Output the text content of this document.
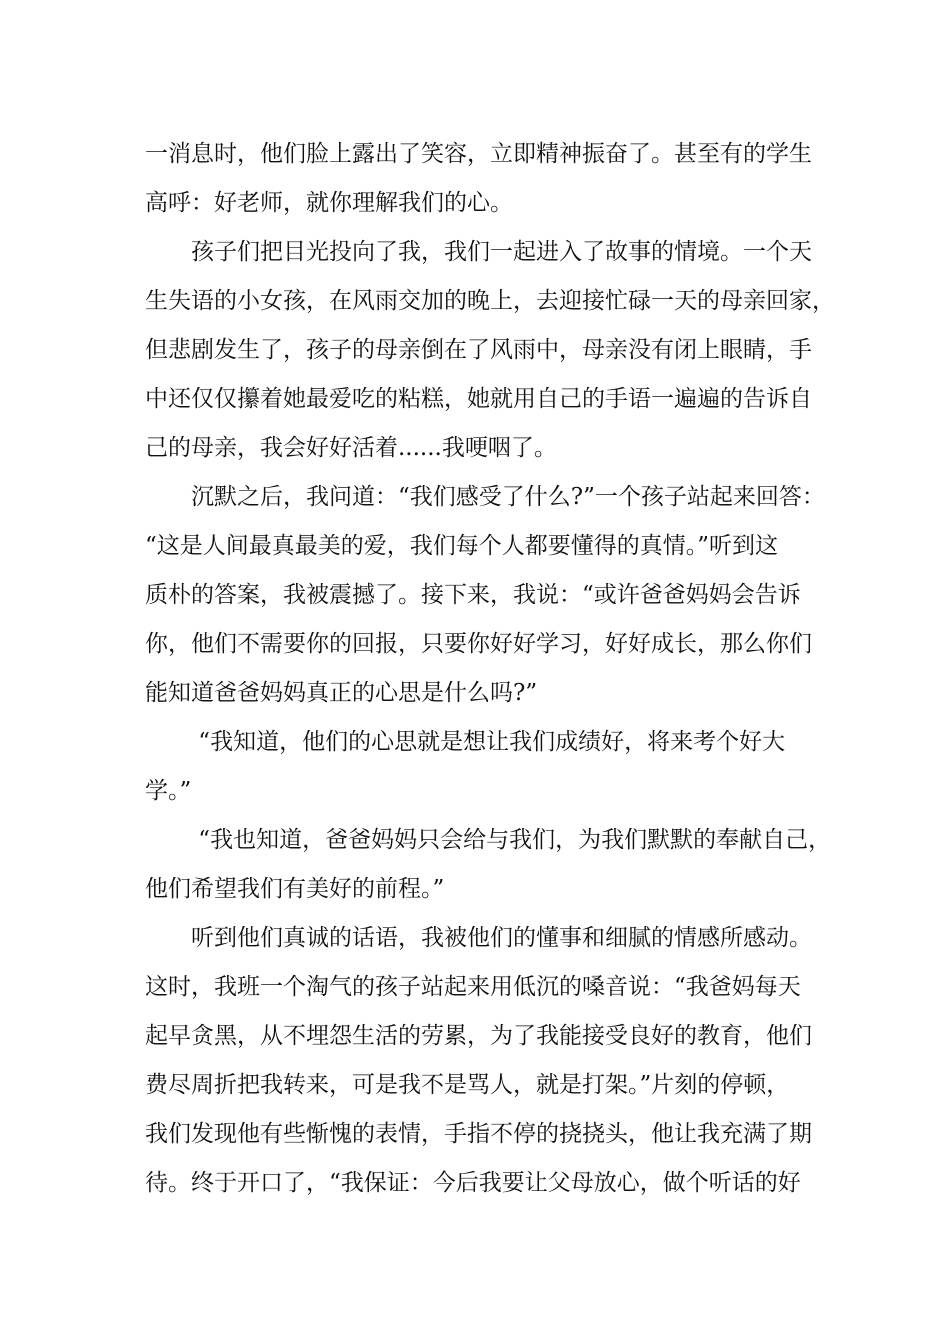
一消息时，他们脸上露出了笑容，立即精神振奋了。甚至有的学生
高呼：好老师，就你理解我们的心。
　　孩子们把目光投向了我，我们一起进入了故事的情境。一个天
生失语的小女孩，在风雨交加的晚上，去迎接忙碌一天的母亲回家，
但悲剧发生了，孩子的母亲倒在了风雨中，母亲没有闭上眼睛，手
中还仅仅攥着她最爱吃的粘糕，她就用自己的手语一遍遍的告诉自
己的母亲，我会好好活着......我哽咽了。
　　沉默之后，我问道：“我们感受了什么?”一个孩子站起来回答：
“这是人间最真最美的爱，我们每个人都要懂得的真情。”听到这
质朴的答案，我被震撼了。接下来，我说：“或许爸爸妈妈会告诉
你，他们不需要你的回报，只要你好好学习，好好成长，那么你们
能知道爸爸妈妈真正的心思是什么吗?”
　　 “我知道，他们的心思就是想让我们成绩好，将来考个好大
学。”
　　 “我也知道，爸爸妈妈只会给与我们，为我们默默的奉献自己，
他们希望我们有美好的前程。”
　　听到他们真诚的话语，我被他们的懂事和细腻的情感所感动。
这时，我班一个淘气的孩子站起来用低沉的嗓音说：“我爸妈每天
起早贪黑，从不埋怨生活的劳累，为了我能接受良好的教育，他们
费尽周折把我转来，可是我不是骂人，就是打架。”片刻的停顿，
我们发现他有些惭愧的表情，手指不停的挠挠头，他让我充满了期
待。终于开口了，“我保证：今后我要让父母放心，做个听话的好
